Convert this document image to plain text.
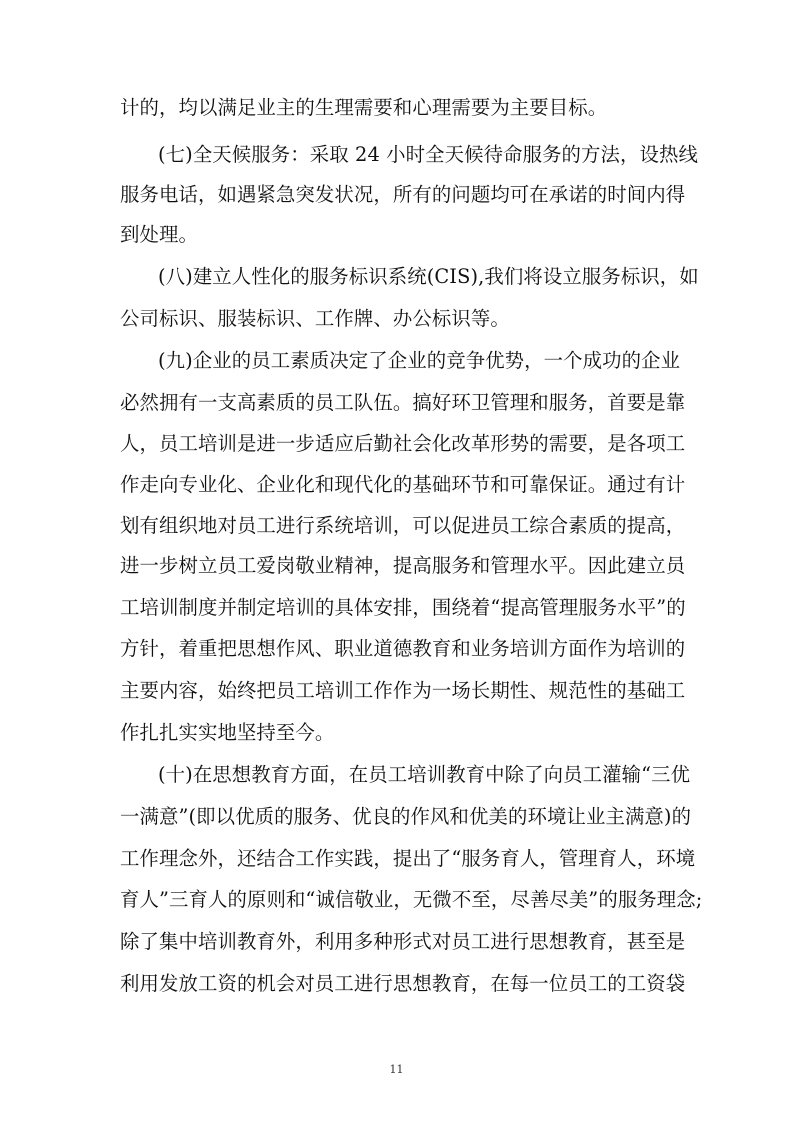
计的，均以满足业主的生理需要和心理需要为主要目标。
(七)全天候服务：采取 24 小时全天候待命服务的方法，设热线
服务电话，如遇紧急突发状况，所有的问题均可在承诺的时间内得
到处理。
(八)建立人性化的服务标识系统(CIS),我们将设立服务标识，如
公司标识、服装标识、工作牌、办公标识等。
(九)企业的员工素质决定了企业的竞争优势，一个成功的企业
必然拥有一支高素质的员工队伍。搞好环卫管理和服务，首要是靠
人，员工培训是进一步适应后勤社会化改革形势的需要，是各项工
作走向专业化、企业化和现代化的基础环节和可靠保证。通过有计
划有组织地对员工进行系统培训，可以促进员工综合素质的提高，
进一步树立员工爱岗敬业精神，提高服务和管理水平。因此建立员
工培训制度并制定培训的具体安排，围绕着“提高管理服务水平”的
方针，着重把思想作风、职业道德教育和业务培训方面作为培训的
主要内容，始终把员工培训工作作为一场长期性、规范性的基础工
作扎扎实实地坚持至今。
(十)在思想教育方面，在员工培训教育中除了向员工灌输“三优
一满意”(即以优质的服务、优良的作风和优美的环境让业主满意)的
工作理念外，还结合工作实践，提出了“服务育人，管理育人，环境
育人”三育人的原则和“诚信敬业，无微不至，尽善尽美”的服务理念;
除了集中培训教育外，利用多种形式对员工进行思想教育，甚至是
利用发放工资的机会对员工进行思想教育，在每一位员工的工资袋
11
